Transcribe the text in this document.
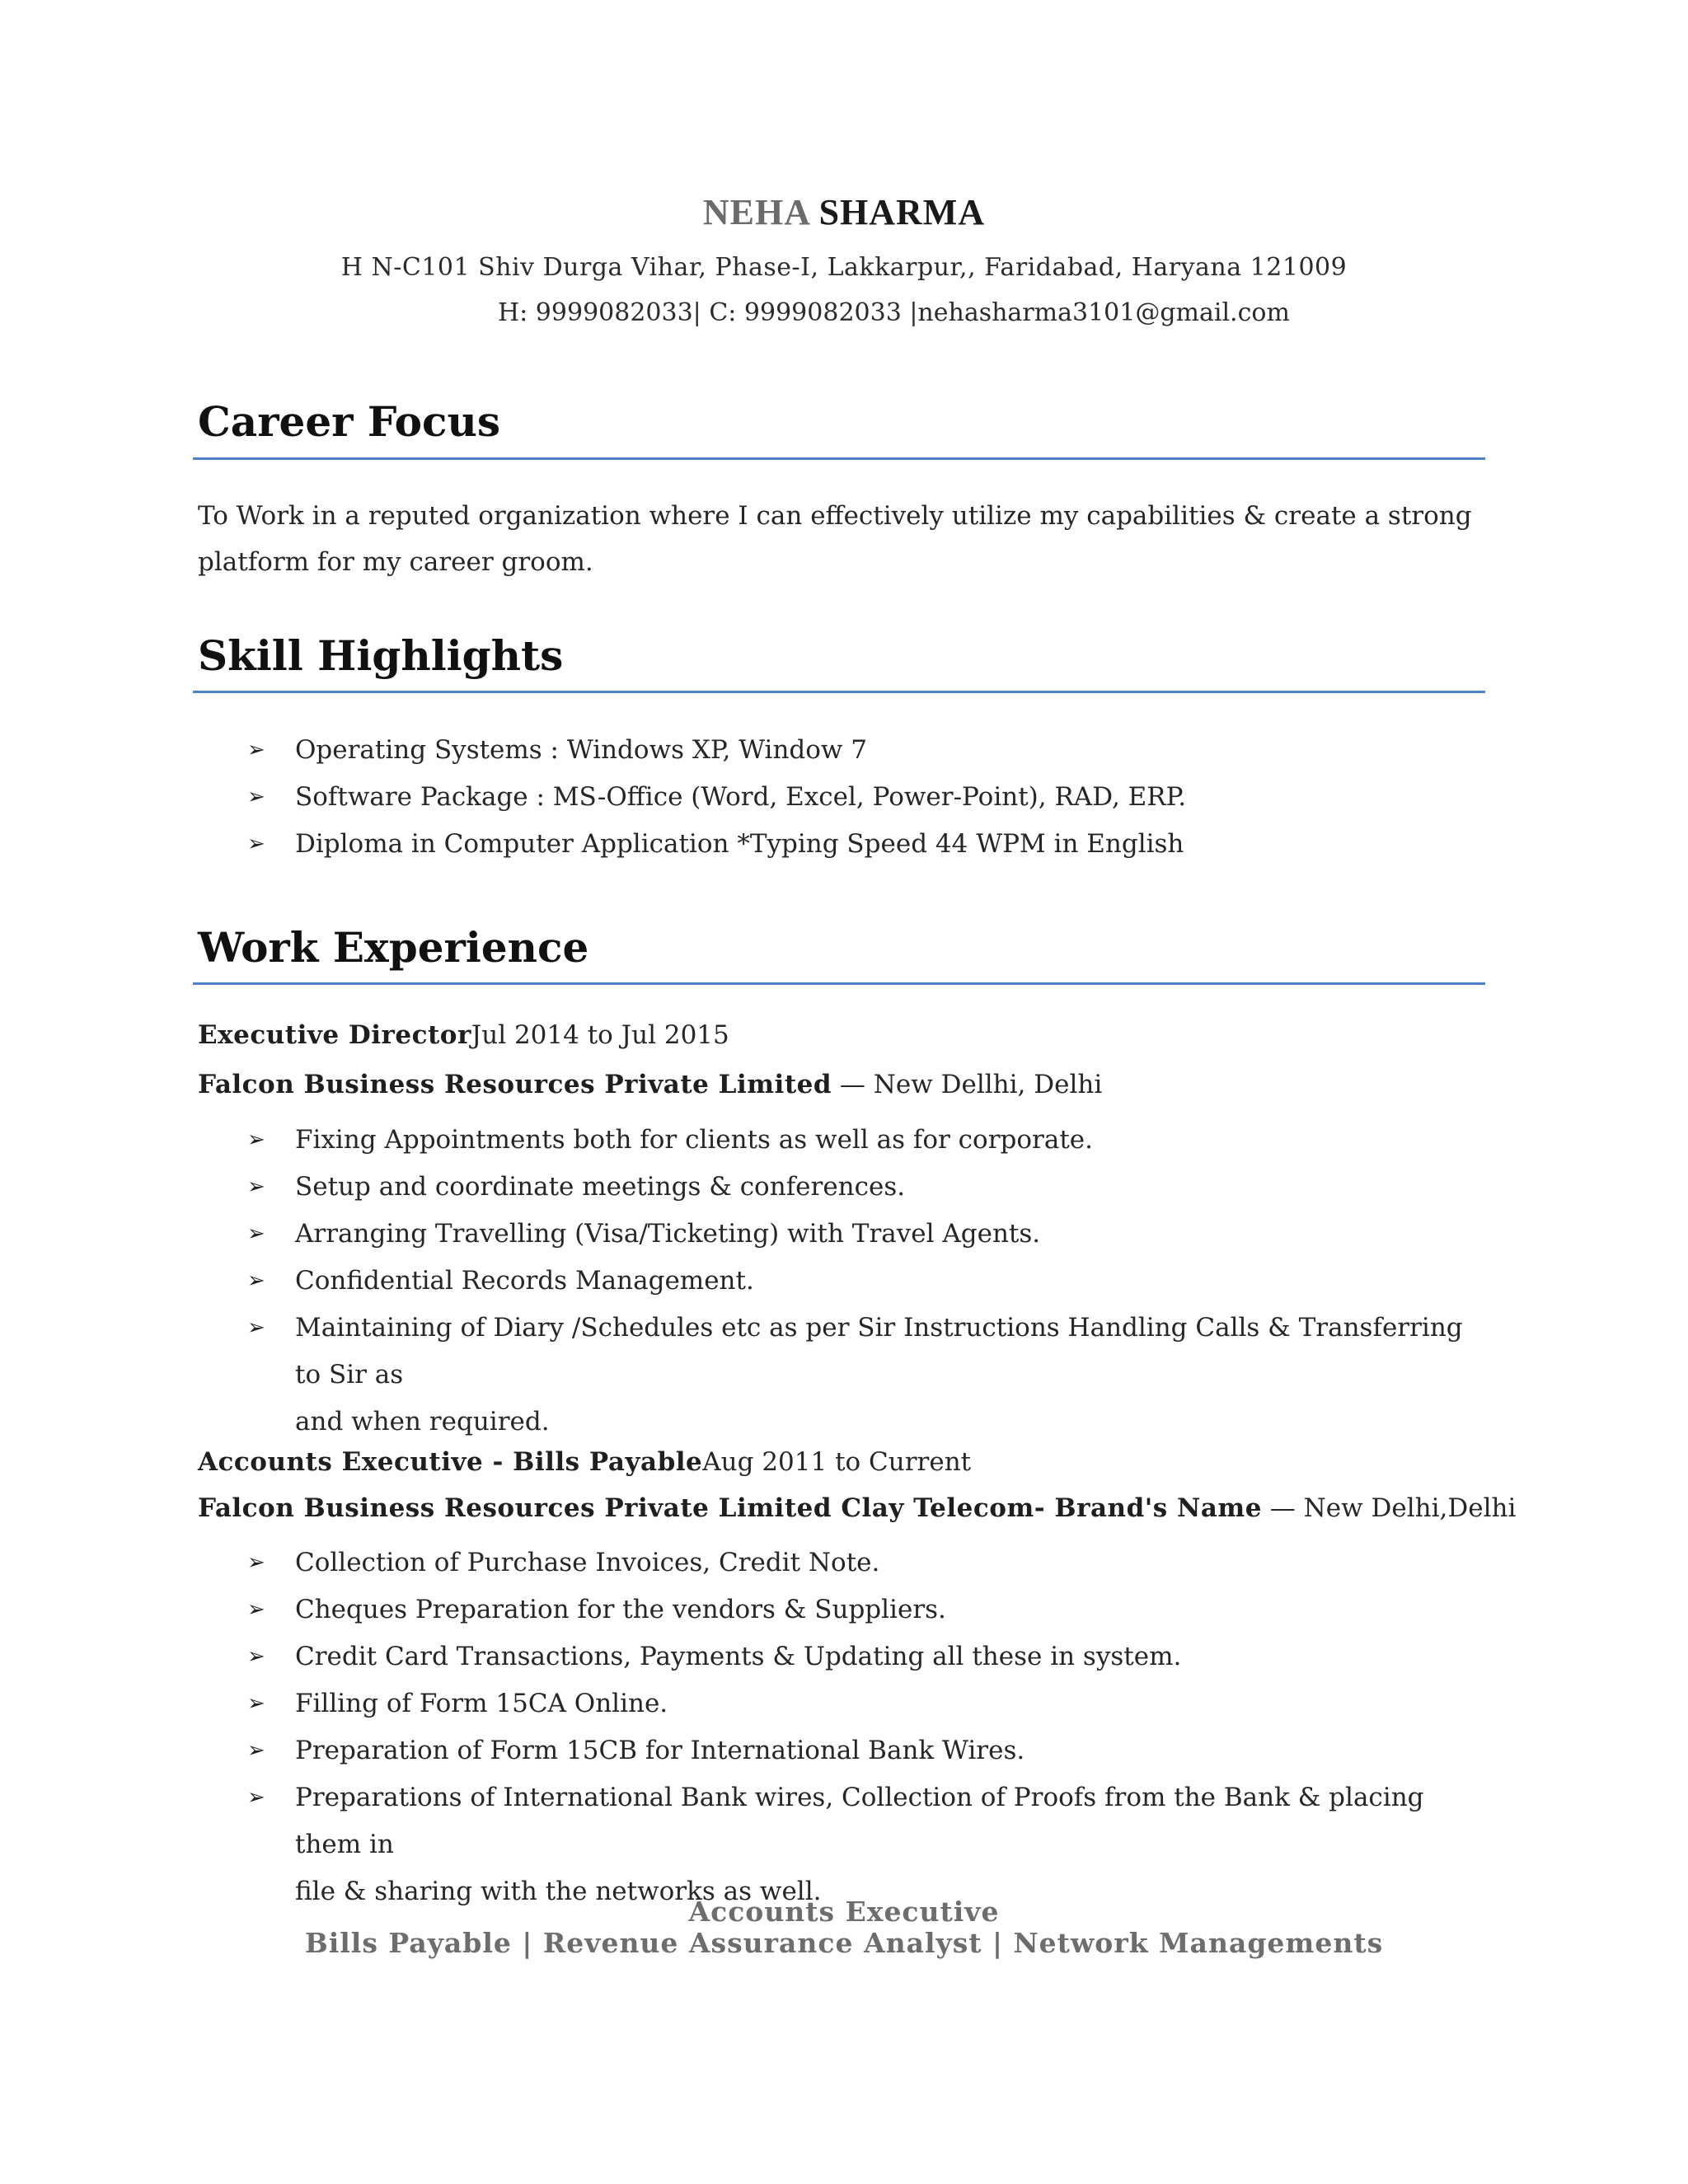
NEHA SHARMA
H N-C101 Shiv Durga Vihar, Phase-I, Lakkarpur,, Faridabad, Haryana 121009
H: 9999082033| C: 9999082033 |nehasharma3101@gmail.com
Career Focus
To Work in a reputed organization where I can effectively utilize my capabilities & create a strong
platform for my career groom.
Skill Highlights
➢ Operating Systems : Windows XP, Window 7
➢ Software Package : MS-Office (Word, Excel, Power-Point), RAD, ERP.
➢ Diploma in Computer Application *Typing Speed 44 WPM in English
Work Experience
Executive DirectorJul 2014 to Jul 2015
Falcon Business Resources Private Limited — New Dellhi, Delhi
➢ Fixing Appointments both for clients as well as for corporate.
➢ Setup and coordinate meetings & conferences.
➢ Arranging Travelling (Visa/Ticketing) with Travel Agents.
➢ Confidential Records Management.
➢ Maintaining of Diary /Schedules etc as per Sir Instructions Handling Calls & Transferring to Sir as
and when required.
Accounts Executive - Bills PayableAug 2011 to Current
Falcon Business Resources Private Limited Clay Telecom- Brand's Name — New Delhi,Delhi
➢ Collection of Purchase Invoices, Credit Note.
➢ Cheques Preparation for the vendors & Suppliers.
➢ Credit Card Transactions, Payments & Updating all these in system.
➢ Filling of Form 15CA Online.
➢ Preparation of Form 15CB for International Bank Wires.
➢ Preparations of International Bank wires, Collection of Proofs from the Bank & placing them in
file & sharing with the networks as well.
Accounts Executive
Bills Payable | Revenue Assurance Analyst | Network Managements
